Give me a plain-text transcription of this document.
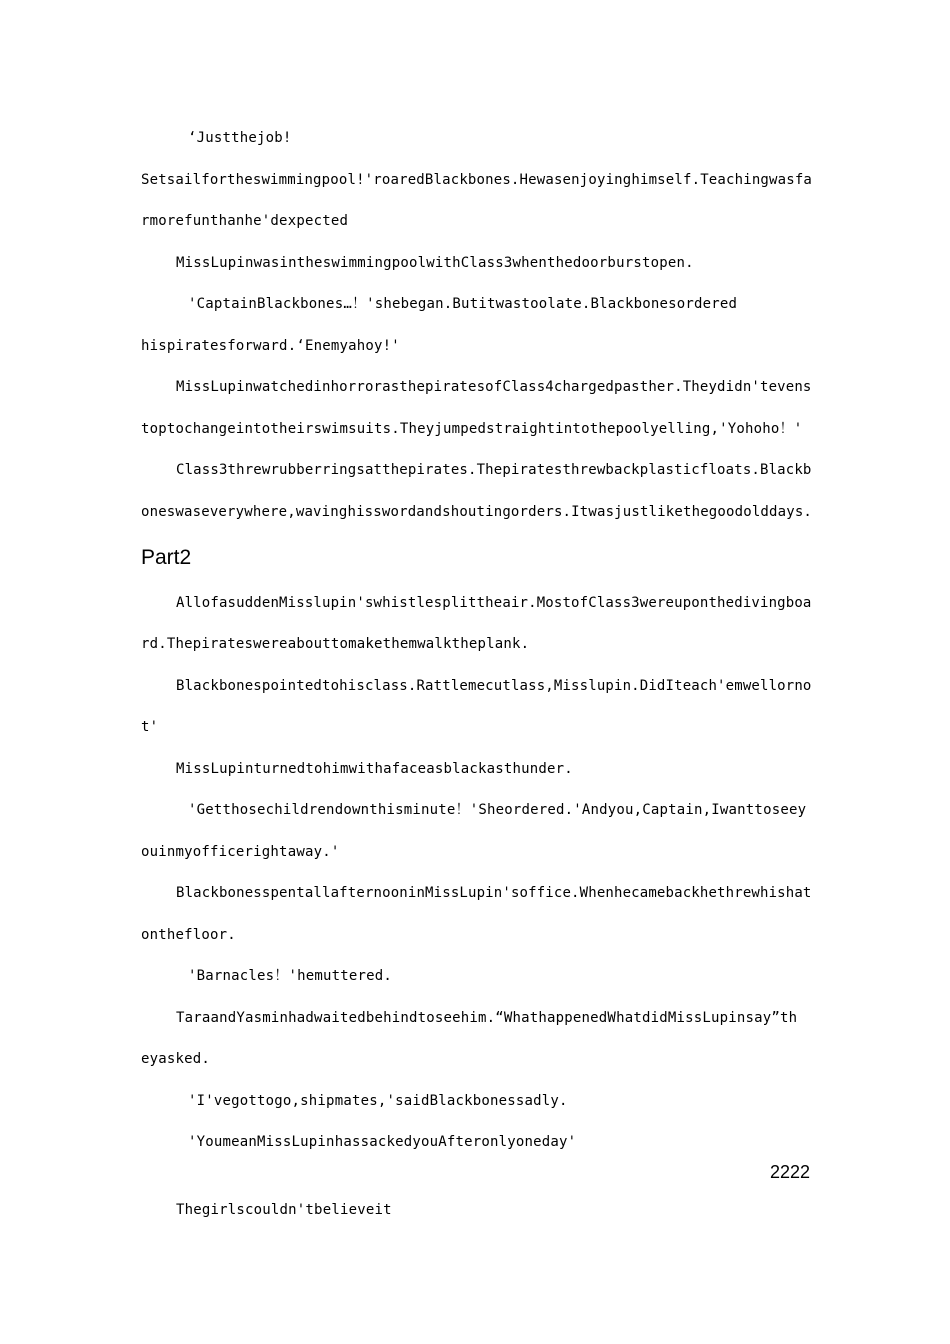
‘Justthejob!
Setsailfortheswimmingpool!'roaredBlackbones.Hewasenjoyinghimself.Teachingwasfa
rmorefunthanhe'dexpected
MissLupinwasintheswimmingpoolwithClass3whenthedoorburstopen.
'CaptainBlackbones…！'shebegan.Butitwastoolate.Blackbonesordered
hispiratesforward.‘Enemyahoy!'
MissLupinwatchedinhorrorasthepiratesofClass4chargedpasther.Theydidn'tevens
toptochangeintotheirswimsuits.Theyjumpedstraightintothepoolyelling,'Yohoho！'
Class3threwrubberringsatthepirates.Thepiratesthrewbackplasticfloats.Blackb
oneswaseverywhere,wavinghisswordandshoutingorders.Itwasjustlikethegoodolddays.
Part2
AllofasuddenMisslupin'swhistlesplittheair.MostofClass3wereuponthedivingboa
rd.Thepirateswereabouttomakethemwalktheplank.
Blackbonespointedtohisclass.Rattlemecutlass,Misslupin.DidIteach'emwellorno
t'
MissLupinturnedtohimwithafaceasblackasthunder.
'Getthosechildrendownthisminute！'Sheordered.'Andyou,Captain,Iwanttoseey
ouinmyofficerightaway.'
BlackbonesspentallafternooninMissLupin'soffice.Whenhecamebackhethrewhishat
onthefloor.
'Barnacles！'hemuttered.
TaraandYasminhadwaitedbehindtoseehim.“WhathappenedWhatdidMissLupinsay”th
eyasked.
'I'vegottogo,shipmates,'saidBlackbonessadly.
'YoumeanMissLupinhassackedyouAfteronlyoneday'
2222
Thegirlscouldn'tbelieveit
